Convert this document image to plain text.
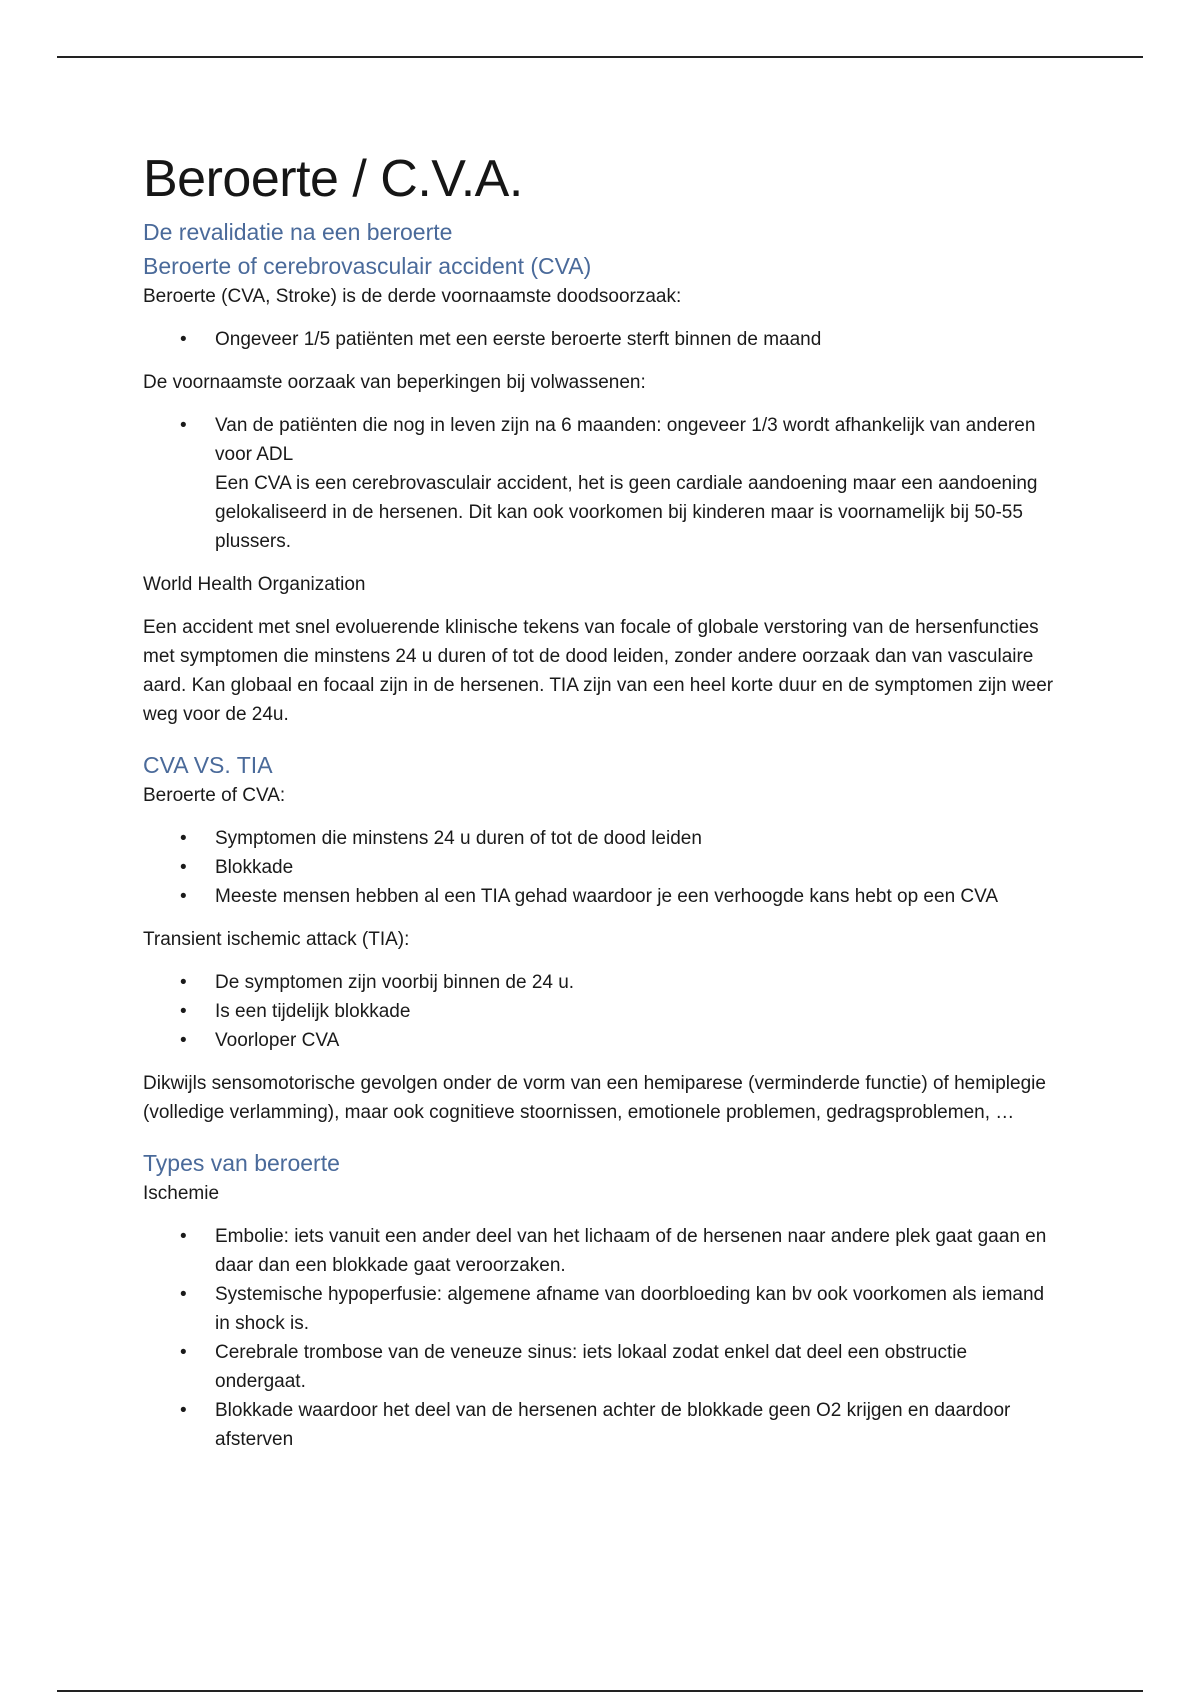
Beroerte / C.V.A.
De revalidatie na een beroerte
Beroerte of cerebrovasculair accident (CVA)

Beroerte (CVA, Stroke) is de derde voornaamste doodsoorzaak:

• Ongeveer 1/5 patiënten met een eerste beroerte sterft binnen de maand

De voornaamste oorzaak van beperkingen bij volwassenen:

• Van de patiënten die nog in leven zijn na 6 maanden: ongeveer 1/3 wordt afhankelijk van anderen voor ADL
Een CVA is een cerebrovasculair accident, het is geen cardiale aandoening maar een aandoening gelokaliseerd in de hersenen. Dit kan ook voorkomen bij kinderen maar is voornamelijk bij 50-55 plussers.

World Health Organization

Een accident met snel evoluerende klinische tekens van focale of globale verstoring van de hersenfuncties met symptomen die minstens 24 u duren of tot de dood leiden, zonder andere oorzaak dan van vasculaire aard. Kan globaal en focaal zijn in de hersenen. TIA zijn van een heel korte duur en de symptomen zijn weer weg voor de 24u.

CVA VS. TIA

Beroerte of CVA:

• Symptomen die minstens 24 u duren of tot de dood leiden
• Blokkade
• Meeste mensen hebben al een TIA gehad waardoor je een verhoogde kans hebt op een CVA

Transient ischemic attack (TIA):

• De symptomen zijn voorbij binnen de 24 u.
• Is een tijdelijk blokkade
• Voorloper CVA

Dikwijls sensomotorische gevolgen onder de vorm van een hemiparese (verminderde functie) of hemiplegie (volledige verlamming), maar ook cognitieve stoornissen, emotionele problemen, gedragsproblemen, …

Types van beroerte

Ischemie

• Embolie: iets vanuit een ander deel van het lichaam of de hersenen naar andere plek gaat gaan en daar dan een blokkade gaat veroorzaken.
• Systemische hypoperfusie: algemene afname van doorbloeding kan bv ook voorkomen als iemand in shock is.
• Cerebrale trombose van de veneuze sinus: iets lokaal zodat enkel dat deel een obstructie ondergaat.
• Blokkade waardoor het deel van de hersenen achter de blokkade geen O2 krijgen en daardoor afsterven
